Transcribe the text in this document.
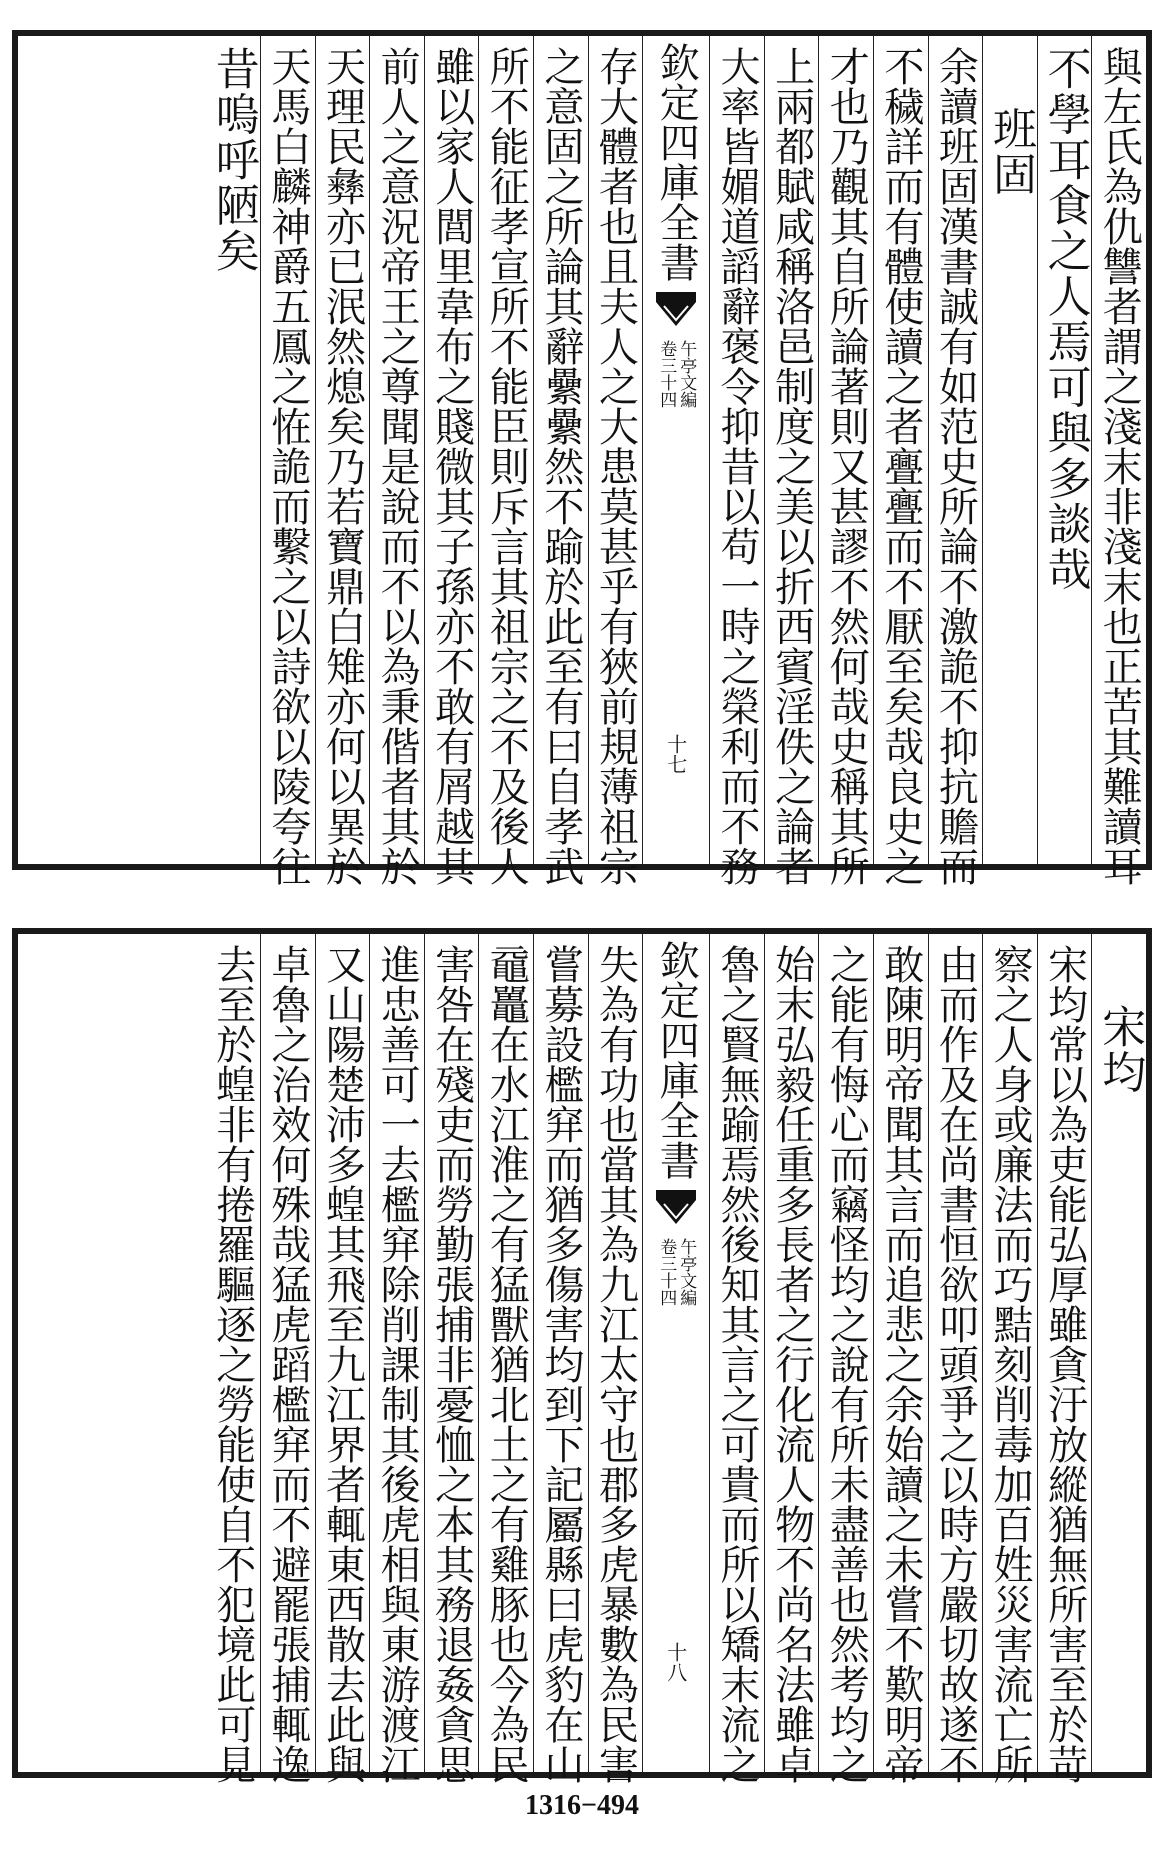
與左氏為仇讐者謂之淺末非淺末也正苦其難讀耳
不學耳食之人焉可與多談哉
班固
余讀班固漢書誠有如范史所論不激詭不抑抗贍而
不穢詳而有體使讀之者亹亹而不厭至矣哉良史之
才也乃觀其自所論著則又甚謬不然何哉史稱其所
上兩都賦咸稱洛邑制度之美以折西賓淫佚之論者
大率皆媚道謟辭褒令抑昔以苟一時之榮利而不務
欽定四庫全書
午亭文編
卷三十四
十七
存大體者也且夫人之大患莫甚乎有狹前規薄祖宗
之意固之所論其辭纍纍然不踰於此至有曰自孝武
所不能征孝宣所不能臣則斥言其祖宗之不及後人
雖以家人閭里韋布之賤微其子孫亦不敢有屑越其
前人之意況帝王之尊聞是說而不以為秉偕者其於
天理民彝亦已泯然熄矣乃若寶鼎白雉亦何以異於
天馬白麟神爵五鳳之恠詭而繫之以詩欲以陵夸往
昔嗚呼陋矣
宋均
宋均常以為吏能弘厚雖貪汙放縱猶無所害至於苛
察之人身或廉法而巧黠刻削毒加百姓災害流亡所
由而作及在尚書恒欲叩頭爭之以時方嚴切故遂不
敢陳明帝聞其言而追悲之余始讀之未嘗不歎明帝
之能有悔心而竊怪均之說有所未盡善也然考均之
始末弘毅任重多長者之行化流人物不尚名法雖卓
魯之賢無踰焉然後知其言之可貴而所以矯末流之
欽定四庫全書
午亭文編
卷三十四
十八
失為有功也當其為九江太守也郡多虎暴數為民害
嘗募設檻穽而猶多傷害均到下記屬縣曰虎豹在山
黿鼉在水江淮之有猛獸猶北土之有雞豚也今為民
害咎在殘吏而勞勤張捕非憂恤之本其務退姦貪思
進忠善可一去檻穽除削課制其後虎相與東游渡江
又山陽楚沛多蝗其飛至九江界者輒東西散去此與
卓魯之治效何殊哉猛虎蹈檻穽而不避罷張捕輒逸
去至於蝗非有捲羅驅逐之勞能使自不犯境此可見
1316−494
